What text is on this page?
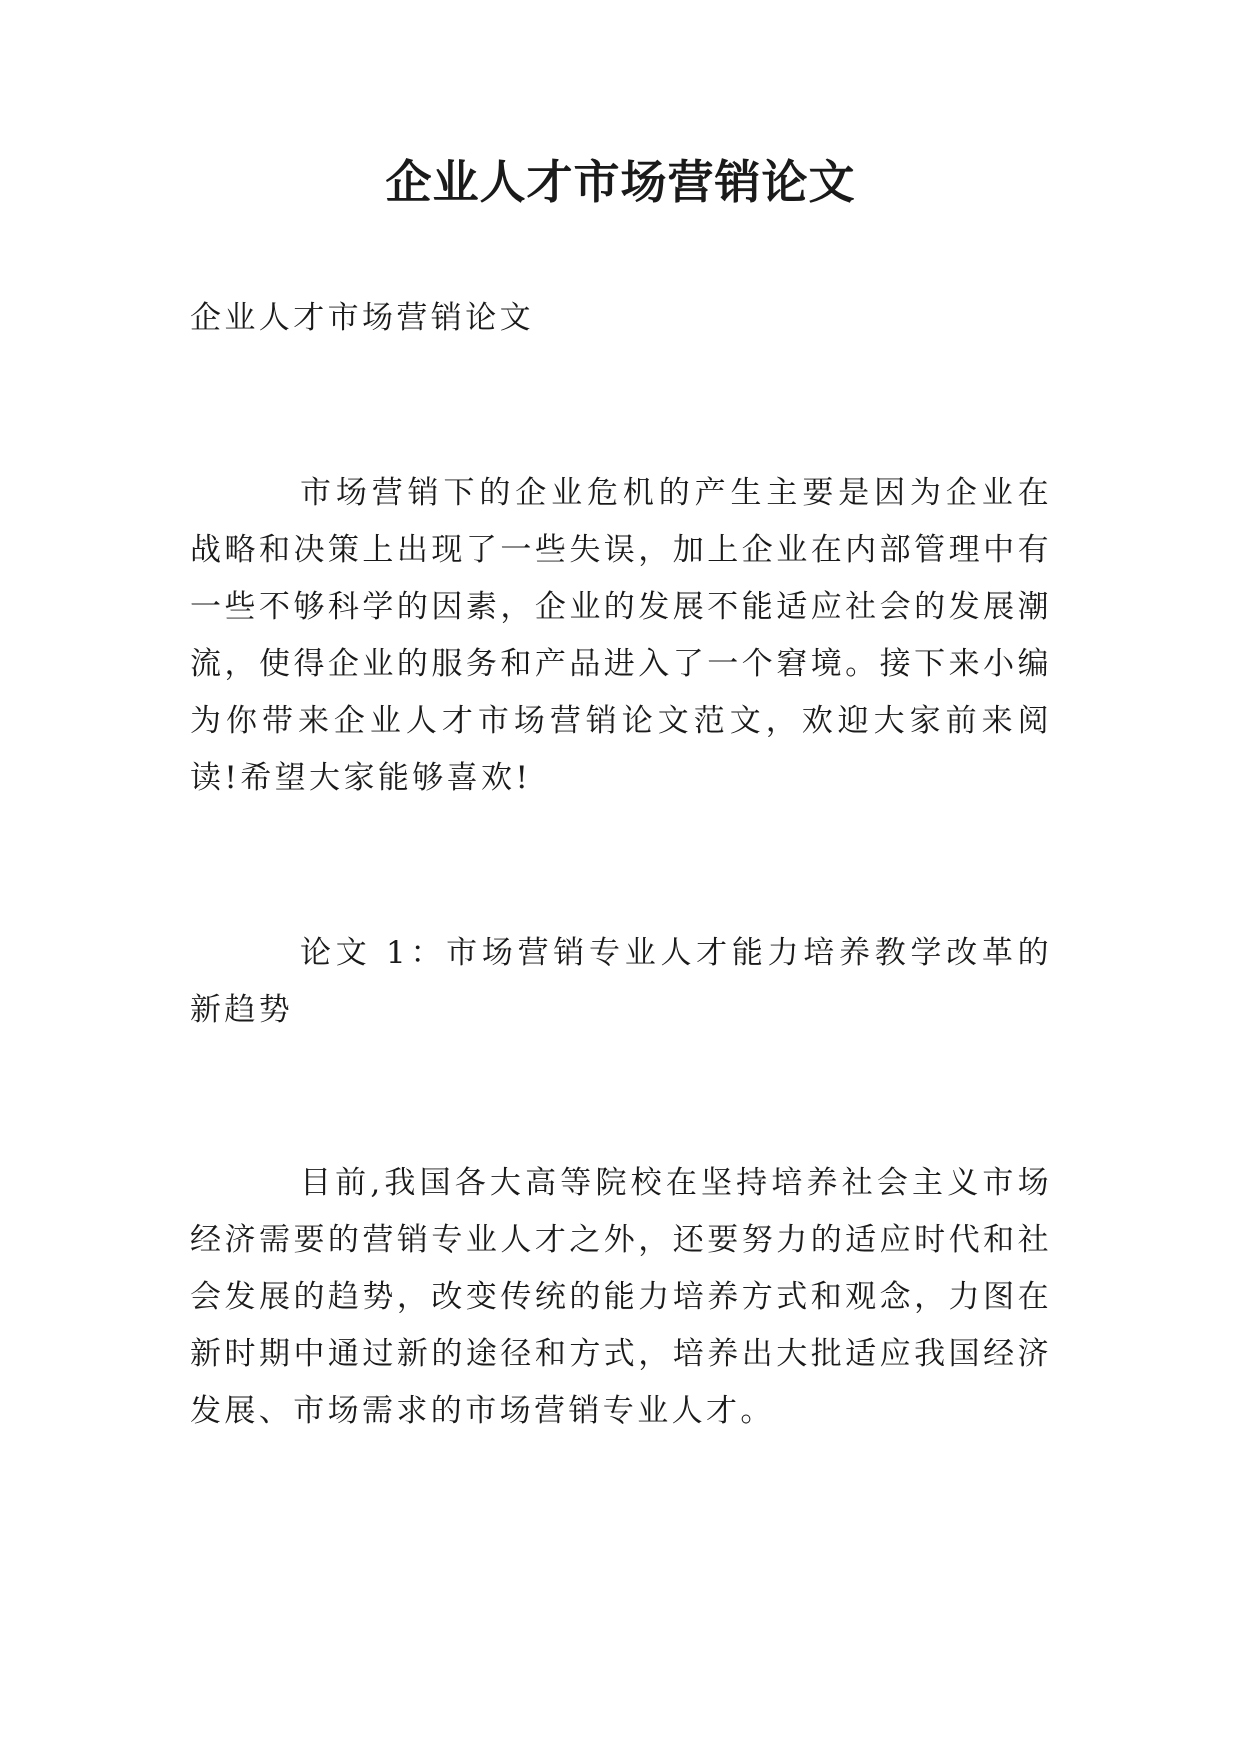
企业人才市场营销论文

企业人才市场营销论文

市场营销下的企业危机的产生主要是因为企业在战略和决策上出现了一些失误，加上企业在内部管理中有一些不够科学的因素，企业的发展不能适应社会的发展潮流，使得企业的服务和产品进入了一个窘境。接下来小编为你带来企业人才市场营销论文范文，欢迎大家前来阅读!希望大家能够喜欢!

论文 1：市场营销专业人才能力培养教学改革的新趋势

目前,我国各大高等院校在坚持培养社会主义市场经济需要的营销专业人才之外，还要努力的适应时代和社会发展的趋势，改变传统的能力培养方式和观念，力图在新时期中通过新的途径和方式，培养出大批适应我国经济发展、市场需求的市场营销专业人才。
